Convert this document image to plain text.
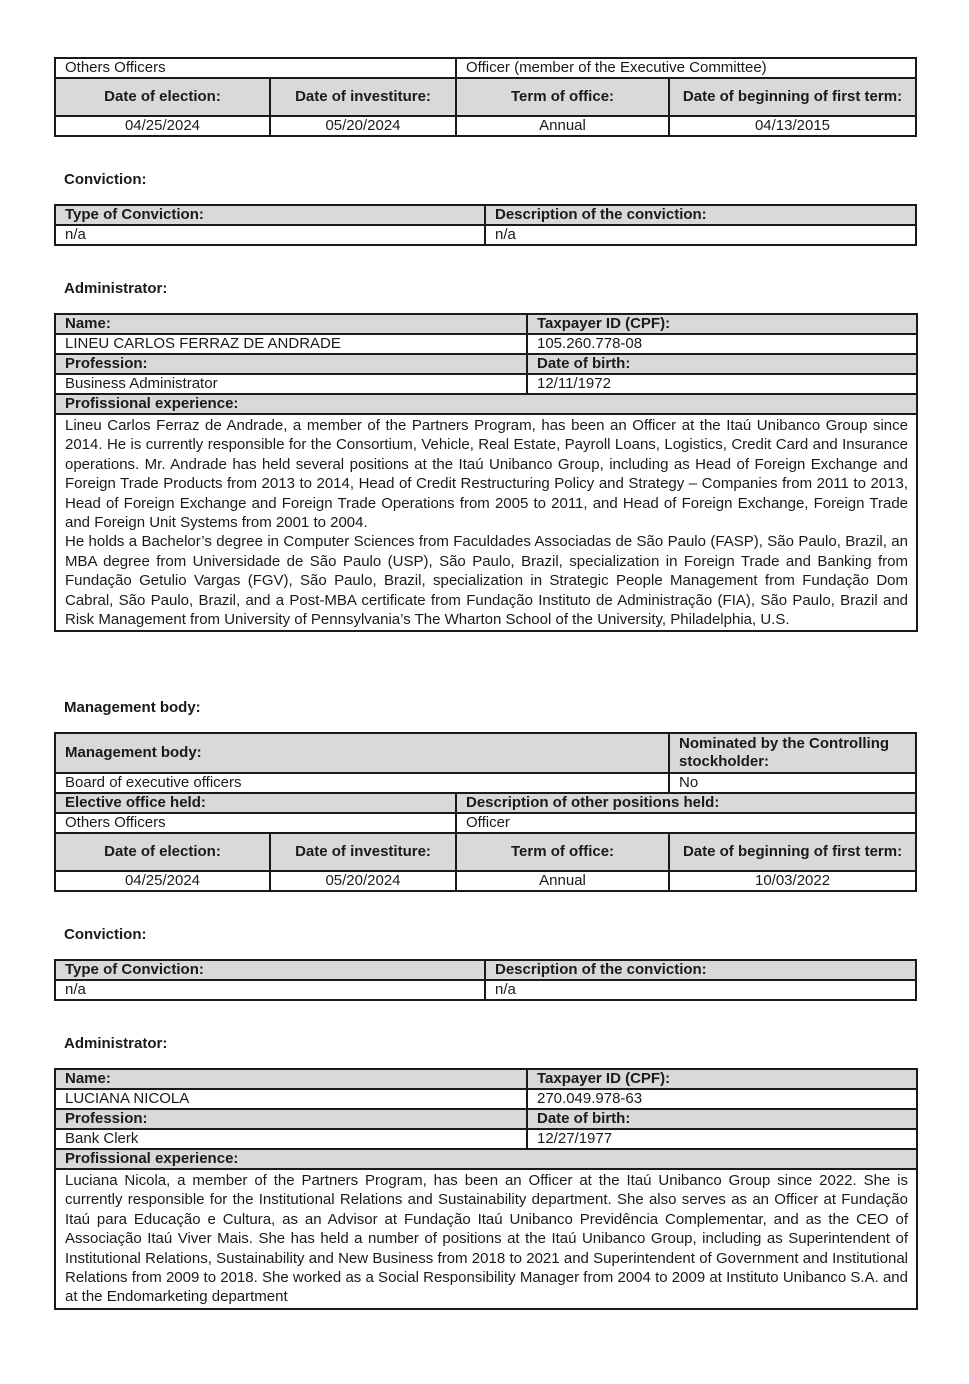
Others Officers		Officer (member of the Executive Committee)	
Date of election:	Date of investiture:	Term of office:	Date of beginning of first term:
04/25/2024	05/20/2024	Annual	04/13/2015
Conviction:
Type of Conviction:	Description of the conviction:
n/a	n/a
Administrator:
Name:	Taxpayer ID (CPF):
LINEU CARLOS FERRAZ DE ANDRADE	105.260.778-08
Profession:	Date of birth:
Business Administrator	12/11/1972
Profissional experience:	

Lineu Carlos Ferraz de Andrade, a member of the Partners Program, has been an Officer at the Itaú Unibanco Group since 2014. He is currently responsible for the Consortium, Vehicle, Real Estate, Payroll Loans, Logistics, Credit Card and Insurance operations. Mr. Andrade has held several positions at the Itaú Unibanco Group, including as Head of Foreign Exchange and Foreign Trade Products from 2013 to 2014, Head of Credit Restructuring Policy and Strategy – Companies from 2011 to 2013, Head of Foreign Exchange and Foreign Trade Operations from 2005 to 2011, and Head of Foreign Exchange, Foreign Trade and Foreign Unit Systems from 2001 to 2004.

He holds a Bachelor’s degree in Computer Sciences from Faculdades Associadas de São Paulo (FASP), São Paulo, Brazil, an MBA degree from Universidade de São Paulo (USP), São Paulo, Brazil, specialization in Foreign Trade and Banking from Fundação Getulio Vargas (FGV), São Paulo, Brazil, specialization in Strategic People Management from Fundação Dom Cabral, São Paulo, Brazil, and a Post-MBA certificate from Fundação Instituto de Administração (FIA), São Paulo, Brazil and Risk Management from University of Pennsylvania’s The Wharton School of the University, Philadelphia, U.S.	

Management body:
Management body:			Nominated by the Controlling stockholder:
Board of executive officers			No
Elective office held:		Description of other positions held:	
Others Officers		Officer	
Date of election:	Date of investiture:	Term of office:	Date of beginning of first term:
04/25/2024	05/20/2024	Annual	10/03/2022
Conviction:
Type of Conviction:	Description of the conviction:
n/a	n/a
Administrator:
Name:	Taxpayer ID (CPF):
LUCIANA NICOLA	270.049.978-63
Profession:	Date of birth:
Bank Clerk	12/27/1977
Profissional experience:	

Luciana Nicola, a member of the Partners Program, has been an Officer at the Itaú Unibanco Group since 2022. She is currently responsible for the Institutional Relations and Sustainability department. She also serves as an Officer at Fundação Itaú para Educação e Cultura, as an Advisor at Fundação Itaú Unibanco Previdência Complementar, and as the CEO of Associação Itaú Viver Mais. She has held a number of positions at the Itaú Unibanco Group, including as Superintendent of Institutional Relations, Sustainability and New Business from 2018 to 2021 and Superintendent of Government and Institutional Relations from 2009 to 2018. She worked as a Social Responsibility Manager from 2004 to 2009 at Instituto Unibanco S.A. and at the Endomarketing department	
